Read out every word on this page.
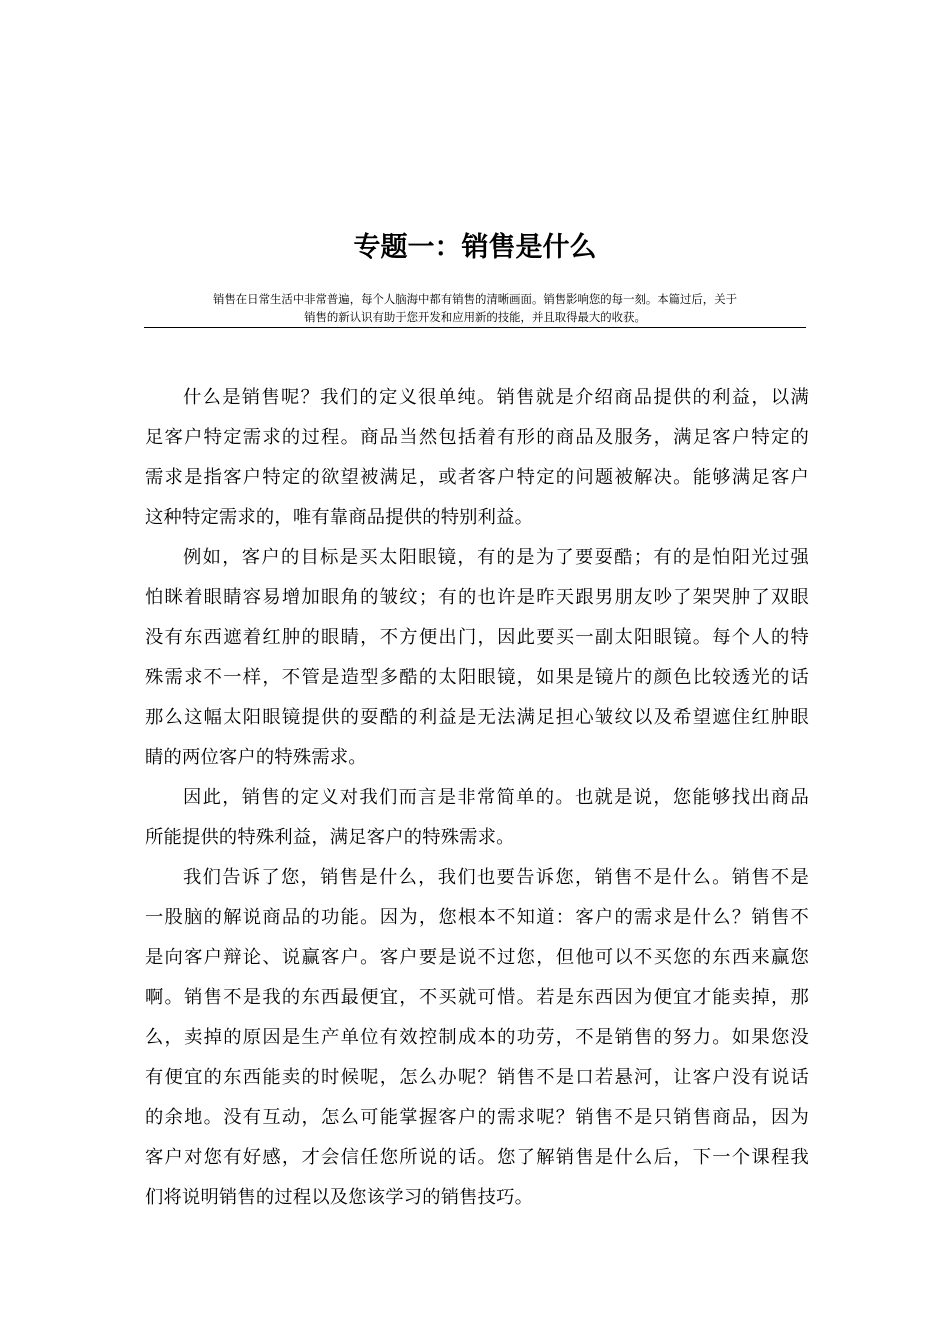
专题一：销售是什么
销售在日常生活中非常普遍，每个人脑海中都有销售的清晰画面。销售影响您的每一刻。本篇过后，关于
销售的新认识有助于您开发和应用新的技能，并且取得最大的收获。

什么是销售呢？我们的定义很单纯。销售就是介绍商品提供的利益，以满
足客户特定需求的过程。商品当然包括着有形的商品及服务，满足客户特定的
需求是指客户特定的欲望被满足，或者客户特定的问题被解决。能够满足客户
这种特定需求的，唯有靠商品提供的特别利益。

例如，客户的目标是买太阳眼镜，有的是为了要耍酷；有的是怕阳光过强
怕眯着眼睛容易增加眼角的皱纹；有的也许是昨天跟男朋友吵了架哭肿了双眼
没有东西遮着红肿的眼睛，不方便出门，因此要买一副太阳眼镜。每个人的特
殊需求不一样，不管是造型多酷的太阳眼镜，如果是镜片的颜色比较透光的话
那么这幅太阳眼镜提供的耍酷的利益是无法满足担心皱纹以及希望遮住红肿眼
睛的两位客户的特殊需求。

因此，销售的定义对我们而言是非常简单的。也就是说，您能够找出商品
所能提供的特殊利益，满足客户的特殊需求。

我们告诉了您，销售是什么，我们也要告诉您，销售不是什么。销售不是
一股脑的解说商品的功能。因为，您根本不知道：客户的需求是什么？销售不
是向客户辩论、说赢客户。客户要是说不过您，但他可以不买您的东西来赢您
啊。销售不是我的东西最便宜，不买就可惜。若是东西因为便宜才能卖掉，那
么，卖掉的原因是生产单位有效控制成本的功劳，不是销售的努力。如果您没
有便宜的东西能卖的时候呢，怎么办呢？销售不是口若悬河，让客户没有说话
的余地。没有互动，怎么可能掌握客户的需求呢？销售不是只销售商品，因为
客户对您有好感，才会信任您所说的话。您了解销售是什么后，下一个课程我
们将说明销售的过程以及您该学习的销售技巧。
